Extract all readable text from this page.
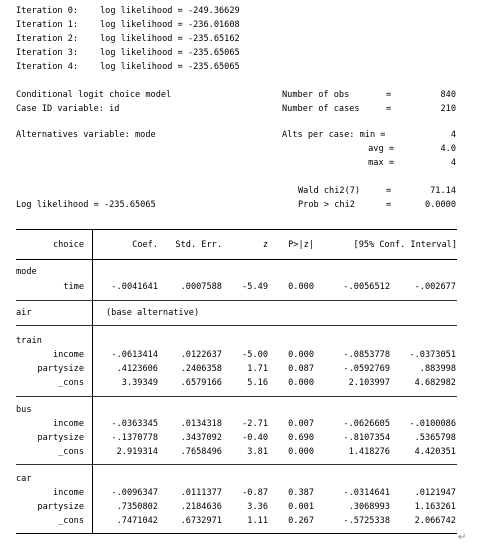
Iteration 0:	log likelihood = -249.36629
Iteration 1:	log likelihood = -236.01608
Iteration 2:	log likelihood = -235.65162
Iteration 3:	log likelihood = -235.65065
Iteration 4:	log likelihood = -235.65065
Conditional logit choice model
Case ID variable: id
Alternatives variable: mode
Log likelihood = -235.65065
Number of obs	=	840
Number of cases	=	210
Alts per case: min =	4
avg =	4.0
max =	4
Wald chi2(7)	=	71.14
Prob > chi2	=	0.0000
choice	Coef.	Std. Err.	z	P>|z|	[95% Conf. Interval]
mode
time	-.0041641	.0007588	-5.49	0.000	-.0056512	-.002677
air	(base alternative)
train
income	-.0613414	.0122637	-5.00	0.000	-.0853778	-.0373051
partysize	.4123606	.2406358	1.71	0.087	-.0592769	.883998
_cons	3.39349	.6579166	5.16	0.000	2.103997	4.682982
bus
income	-.0363345	.0134318	-2.71	0.007	-.0626605	-.0100086
partysize	-.1370778	.3437092	-0.40	0.690	-.8107354	.5365798
_cons	2.919314	.7658496	3.81	0.000	1.418276	4.420351
car
income	-.0096347	.0111377	-0.87	0.387	-.0314641	.0121947
partysize	.7350802	.2184636	3.36	0.001	.3068993	1.163261
_cons	.7471042	.6732971	1.11	0.267	-.5725338	2.066742
↵
